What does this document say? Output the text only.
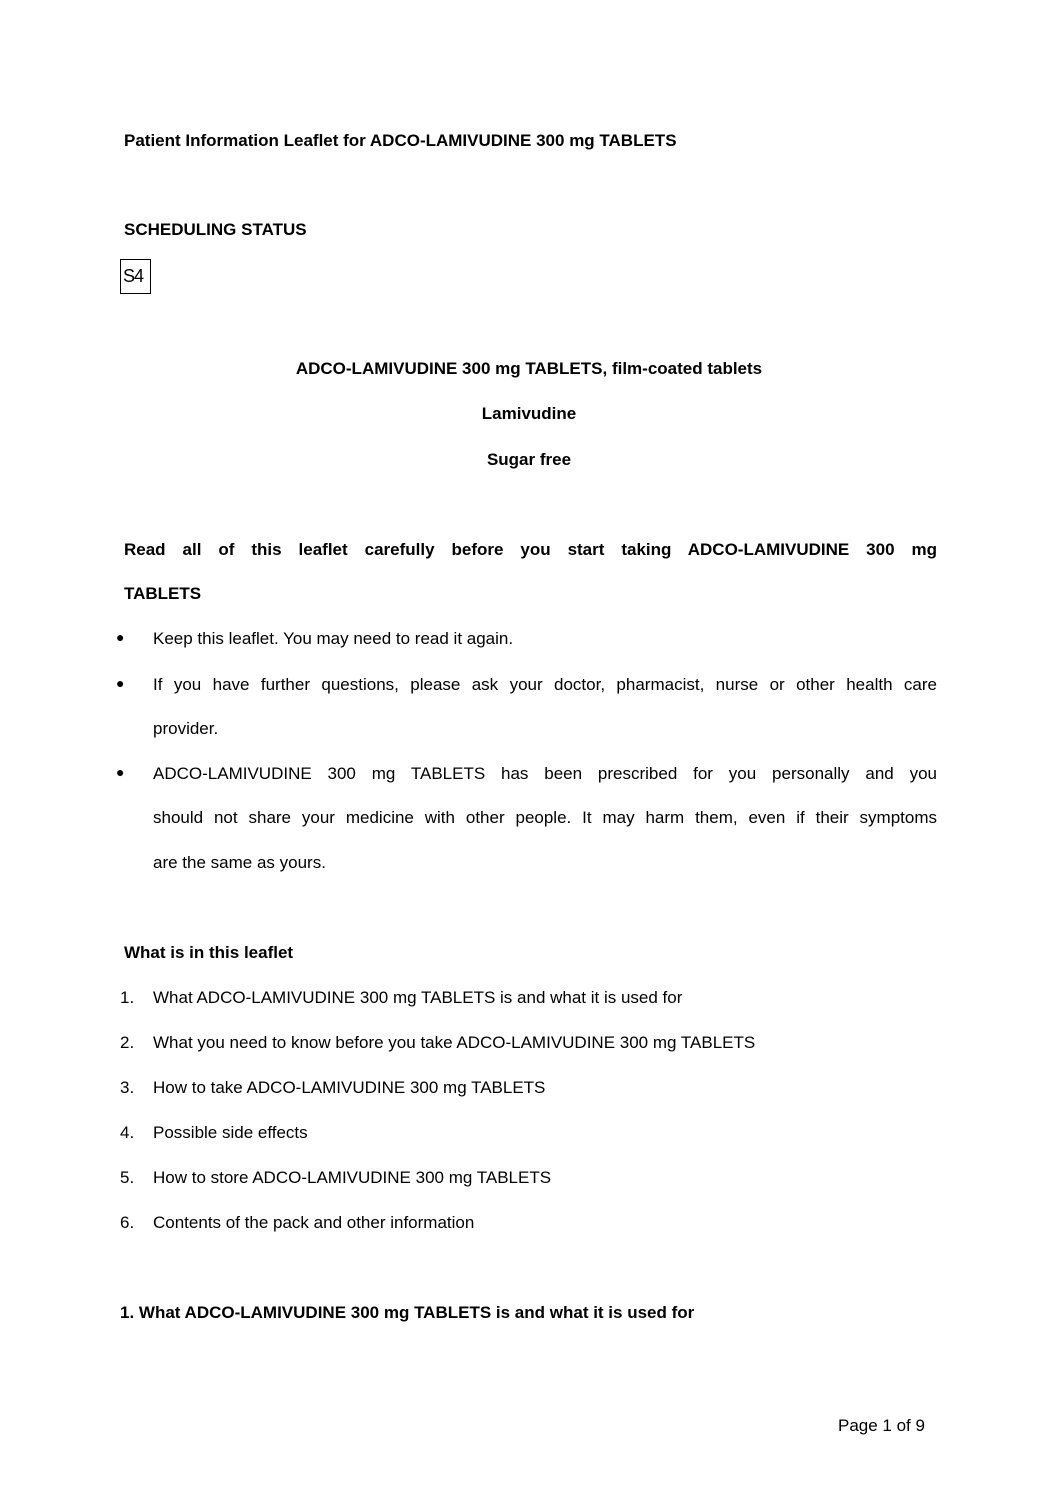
Patient Information Leaflet for ADCO-LAMIVUDINE 300 mg TABLETS
SCHEDULING STATUS
S4
ADCO-LAMIVUDINE 300 mg TABLETS, film-coated tablets
Lamivudine
Sugar free
Read all of this leaflet carefully before you start taking ADCO-LAMIVUDINE 300 mg
TABLETS
● Keep this leaflet. You may need to read it again.
● If you have further questions, please ask your doctor, pharmacist, nurse or other health care
provider.
● ADCO-LAMIVUDINE 300 mg TABLETS has been prescribed for you personally and you
should not share your medicine with other people. It may harm them, even if their symptoms
are the same as yours.
What is in this leaflet
1. What ADCO-LAMIVUDINE 300 mg TABLETS is and what it is used for
2. What you need to know before you take ADCO-LAMIVUDINE 300 mg TABLETS
3. How to take ADCO-LAMIVUDINE 300 mg TABLETS
4. Possible side effects
5. How to store ADCO-LAMIVUDINE 300 mg TABLETS
6. Contents of the pack and other information
1. What ADCO-LAMIVUDINE 300 mg TABLETS is and what it is used for
Page 1 of 9
